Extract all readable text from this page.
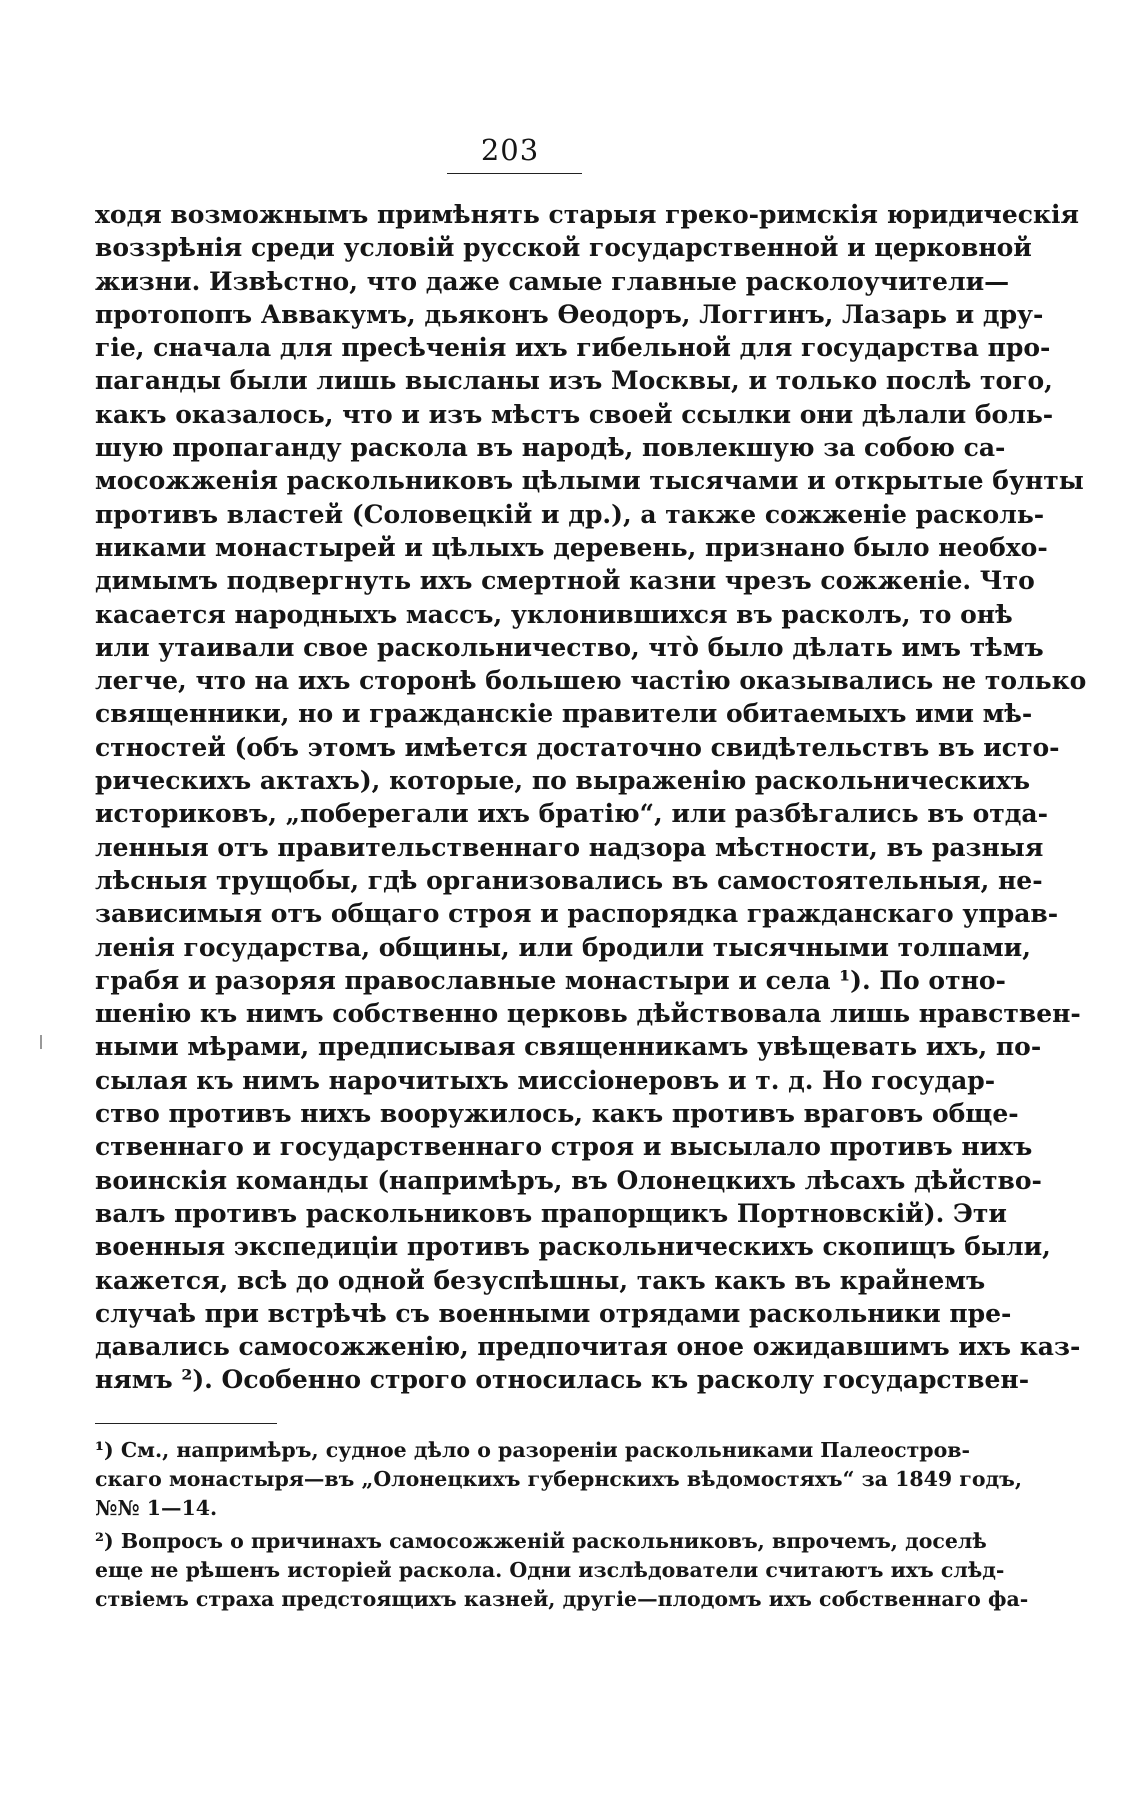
203
ходя возможнымъ примѣнять старыя греко-римскія юридическія
воззрѣнія среди условій русской государственной и церковной
жизни. Извѣстно, что даже самые главные расколоучители—
протопопъ Аввакумъ, дьяконъ Ѳеодоръ, Логгинъ, Лазарь и дру-
гіе, сначала для пресѣченія ихъ гибельной для государства про-
паганды были лишь высланы изъ Москвы, и только послѣ того,
какъ оказалось, что и изъ мѣстъ своей ссылки они дѣлали боль-
шую пропаганду раскола въ народѣ, повлекшую за собою са-
мосожженія раскольниковъ цѣлыми тысячами и открытые бунты
противъ властей (Соловецкій и др.), а также сожженіе расколь-
никами монастырей и цѣлыхъ деревень, признано было необхо-
димымъ подвергнуть ихъ смертной казни чрезъ сожженіе. Что
касается народныхъ массъ, уклонившихся въ расколъ, то онѣ
или утаивали свое раскольничество, что̀ было дѣлать имъ тѣмъ
легче, что на ихъ сторонѣ большею частію оказывались не только
священники, но и гражданскіе правители обитаемыхъ ими мѣ-
стностей (объ этомъ имѣется достаточно свидѣтельствъ въ исто-
рическихъ актахъ), которые, по выраженію раскольническихъ
историковъ, „поберегали ихъ братію“, или разбѣгались въ отда-
ленныя отъ правительственнаго надзора мѣстности, въ разныя
лѣсныя трущобы, гдѣ организовались въ самостоятельныя, не-
зависимыя отъ общаго строя и распорядка гражданскаго управ-
ленія государства, общины, или бродили тысячными толпами,
грабя и разоряя православные монастыри и села ¹). По отно-
шенію къ нимъ собственно церковь дѣйствовала лишь нравствен-
ными мѣрами, предписывая священникамъ увѣщевать ихъ, по-
сылая къ нимъ нарочитыхъ миссіонеровъ и т. д. Но государ-
ство противъ нихъ вооружилось, какъ противъ враговъ обще-
ственнаго и государственнаго строя и высылало противъ нихъ
воинскія команды (напримѣръ, въ Олонецкихъ лѣсахъ дѣйство-
валъ противъ раскольниковъ прапорщикъ Портновскій). Эти
военныя экспедиціи противъ раскольническихъ скопищъ были,
кажется, всѣ до одной безуспѣшны, такъ какъ въ крайнемъ
случаѣ при встрѣчѣ съ военными отрядами раскольники пре-
давались самосожженію, предпочитая оное ожидавшимъ ихъ каз-
нямъ ²). Особенно строго относилась къ расколу государствен-
¹) См., напримѣръ, судное дѣло о разореніи раскольниками Палеостров-
скаго монастыря—въ „Олонецкихъ губернскихъ вѣдомостяхъ“ за 1849 годъ,
№№ 1—14.
²) Вопросъ о причинахъ самосожженій раскольниковъ, впрочемъ, доселѣ
еще не рѣшенъ исторіей раскола. Одни изслѣдователи считаютъ ихъ слѣд-
ствіемъ страха предстоящихъ казней, другіе—плодомъ ихъ собственнаго фа-
